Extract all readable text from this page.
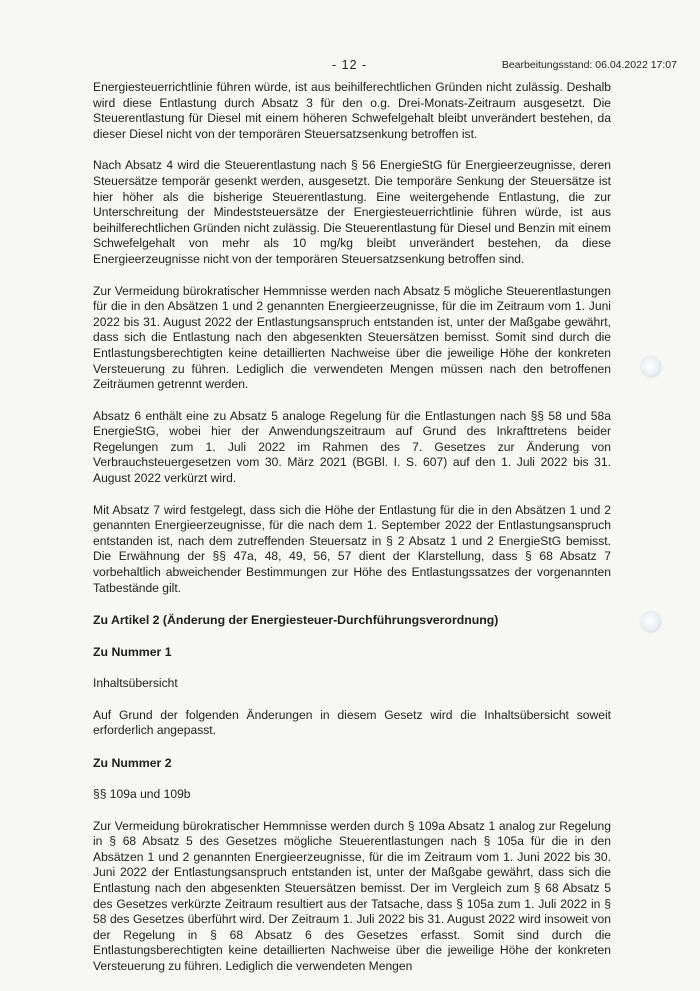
- 12 -	Bearbeitungsstand: 06.04.2022 17:07

Energiesteuerrichtlinie führen würde, ist aus beihilferechtlichen Gründen nicht zulässig. Deshalb wird diese Entlastung durch Absatz 3 für den o.g. Drei-Monats-Zeitraum ausgesetzt. Die Steuerentlastung für Diesel mit einem höheren Schwefelgehalt bleibt unverändert bestehen, da dieser Diesel nicht von der temporären Steuersatzsenkung betroffen ist.

Nach Absatz 4 wird die Steuerentlastung nach § 56 EnergieStG für Energieerzeugnisse, deren Steuersätze temporär gesenkt werden, ausgesetzt. Die temporäre Senkung der Steuersätze ist hier höher als die bisherige Steuerentlastung. Eine weitergehende Entlastung, die zur Unterschreitung der Mindeststeuersätze der Energiesteuerrichtlinie führen würde, ist aus beihilferechtlichen Gründen nicht zulässig. Die Steuerentlastung für Diesel und Benzin mit einem Schwefelgehalt von mehr als 10 mg/kg bleibt unverändert bestehen, da diese Energieerzeugnisse nicht von der temporären Steuersatzsenkung betroffen sind.

Zur Vermeidung bürokratischer Hemmnisse werden nach Absatz 5 mögliche Steuerentlastungen für die in den Absätzen 1 und 2 genannten Energieerzeugnisse, für die im Zeitraum vom 1. Juni 2022 bis 31. August 2022 der Entlastungsanspruch entstanden ist, unter der Maßgabe gewährt, dass sich die Entlastung nach den abgesenkten Steuersätzen bemisst. Somit sind durch die Entlastungsberechtigten keine detaillierten Nachweise über die jeweilige Höhe der konkreten Versteuerung zu führen. Lediglich die verwendeten Mengen müssen nach den betroffenen Zeiträumen getrennt werden.

Absatz 6 enthält eine zu Absatz 5 analoge Regelung für die Entlastungen nach §§ 58 und 58a EnergieStG, wobei hier der Anwendungszeitraum auf Grund des Inkrafttretens beider Regelungen zum 1. Juli 2022 im Rahmen des 7. Gesetzes zur Änderung von Verbrauchsteuergesetzen vom 30. März 2021 (BGBl. I. S. 607) auf den 1. Juli 2022 bis 31. August 2022 verkürzt wird.

Mit Absatz 7 wird festgelegt, dass sich die Höhe der Entlastung für die in den Absätzen 1 und 2 genannten Energieerzeugnisse, für die nach dem 1. September 2022 der Entlastungsanspruch entstanden ist, nach dem zutreffenden Steuersatz in § 2 Absatz 1 und 2 EnergieStG bemisst. Die Erwähnung der §§ 47a, 48, 49, 56, 57 dient der Klarstellung, dass § 68 Absatz 7 vorbehaltlich abweichender Bestimmungen zur Höhe des Entlastungssatzes der vorgenannten Tatbestände gilt.

Zu Artikel 2 (Änderung der Energiesteuer-Durchführungsverordnung)
Zu Nummer 1

Inhaltsübersicht

Auf Grund der folgenden Änderungen in diesem Gesetz wird die Inhaltsübersicht soweit erforderlich angepasst.

Zu Nummer 2

§§ 109a und 109b

Zur Vermeidung bürokratischer Hemmnisse werden durch § 109a Absatz 1 analog zur Regelung in § 68 Absatz 5 des Gesetzes mögliche Steuerentlastungen nach § 105a für die in den Absätzen 1 und 2 genannten Energieerzeugnisse, für die im Zeitraum vom 1. Juni 2022 bis 30. Juni 2022 der Entlastungsanspruch entstanden ist, unter der Maßgabe gewährt, dass sich die Entlastung nach den abgesenkten Steuersätzen bemisst. Der im Vergleich zum § 68 Absatz 5 des Gesetzes verkürzte Zeitraum resultiert aus der Tatsache, dass § 105a zum 1. Juli 2022 in § 58 des Gesetzes überführt wird. Der Zeitraum 1. Juli 2022 bis 31. August 2022 wird insoweit von der Regelung in § 68 Absatz 6 des Gesetzes erfasst. Somit sind durch die Entlastungsberechtigten keine detaillierten Nachweise über die jeweilige Höhe der konkreten Versteuerung zu führen. Lediglich die verwendeten Mengen
